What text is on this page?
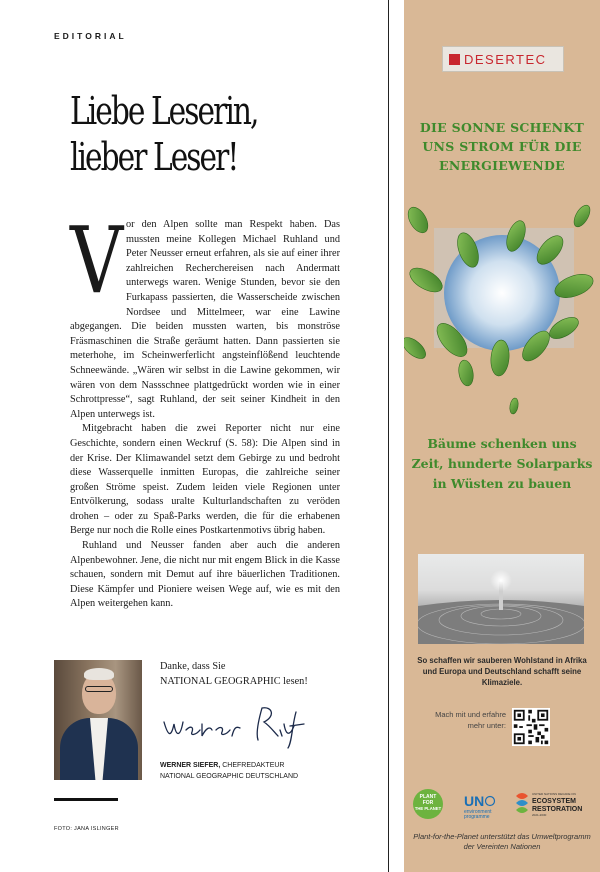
EDITORIAL
Liebe Leserin,
lieber Leser!

Vor den Alpen sollte man Respekt haben. Das mussten meine Kollegen Michael Ruhland und Peter Neusser erneut erfahren, als sie auf einer ihrer zahlreichen Recherchereisen nach Andermatt unterwegs waren. Wenige Stunden, bevor sie den Furkapass passierten, die Wasserscheide zwischen Nordsee und Mittelmeer, war eine Lawine abgegangen. Die beiden mussten warten, bis monströse Fräsmaschinen die Straße geräumt hatten. Dann passierten sie meterhohe, im Scheinwerferlicht angsteinflößend leuchtende Schneewände. „Wären wir selbst in die Lawine gekommen, wir wären von dem Nassschnee plattgedrückt worden wie in einer Schrottpresse“, sagt Ruhland, der seit seiner Kindheit in den Alpen unterwegs ist.

Mitgebracht haben die zwei Reporter nicht nur eine Geschichte, sondern einen Weckruf (S. 58): Die Alpen sind in der Krise. Der Klimawandel setzt dem Gebirge zu und bedroht diese Wasserquelle inmitten Europas, die zahlreiche seiner großen Ströme speist. Zudem leiden viele Regionen unter Entvölkerung, sodass uralte Kulturlandschaften zu veröden drohen – oder zu Spaß-Parks werden, die für die erhabenen Berge nur noch die Rolle eines Postkartenmotivs übrig haben.

Ruhland und Neusser fanden aber auch die anderen Alpenbewohner. Jene, die nicht nur mit engem Blick in die Kasse schauen, sondern mit Demut auf ihre bäuerlichen Traditionen. Diese Kämpfer und Pioniere weisen Wege auf, wie es mit den Alpen weitergehen kann.

Danke, dass Sie
NATIONAL GEOGRAPHIC lesen!
WERNER SIEFER, CHEFREDAKTEUR
NATIONAL GEOGRAPHIC DEUTSCHLAND
FOTO: JANA ISLINGER
DESERTEC
DIE SONNE SCHENKT UNS STROM FÜR DIE ENERGIEWENDE
Bäume schenken uns Zeit, hunderte Solarparks in Wüsten zu bauen
So schaffen wir sauberen Wohlstand in Afrika und Europa und Deutschland schafft seine Klimaziele.
Mach mit und erfahre mehr unter:
PLANT
FOR
THE PLANET UN
environment
programme
UNITED NATIONS DECADE ON
ECOSYSTEM
RESTORATION
2021-2030
Plant-for-the-Planet unterstützt das Umweltprogramm der Vereinten Nationen
